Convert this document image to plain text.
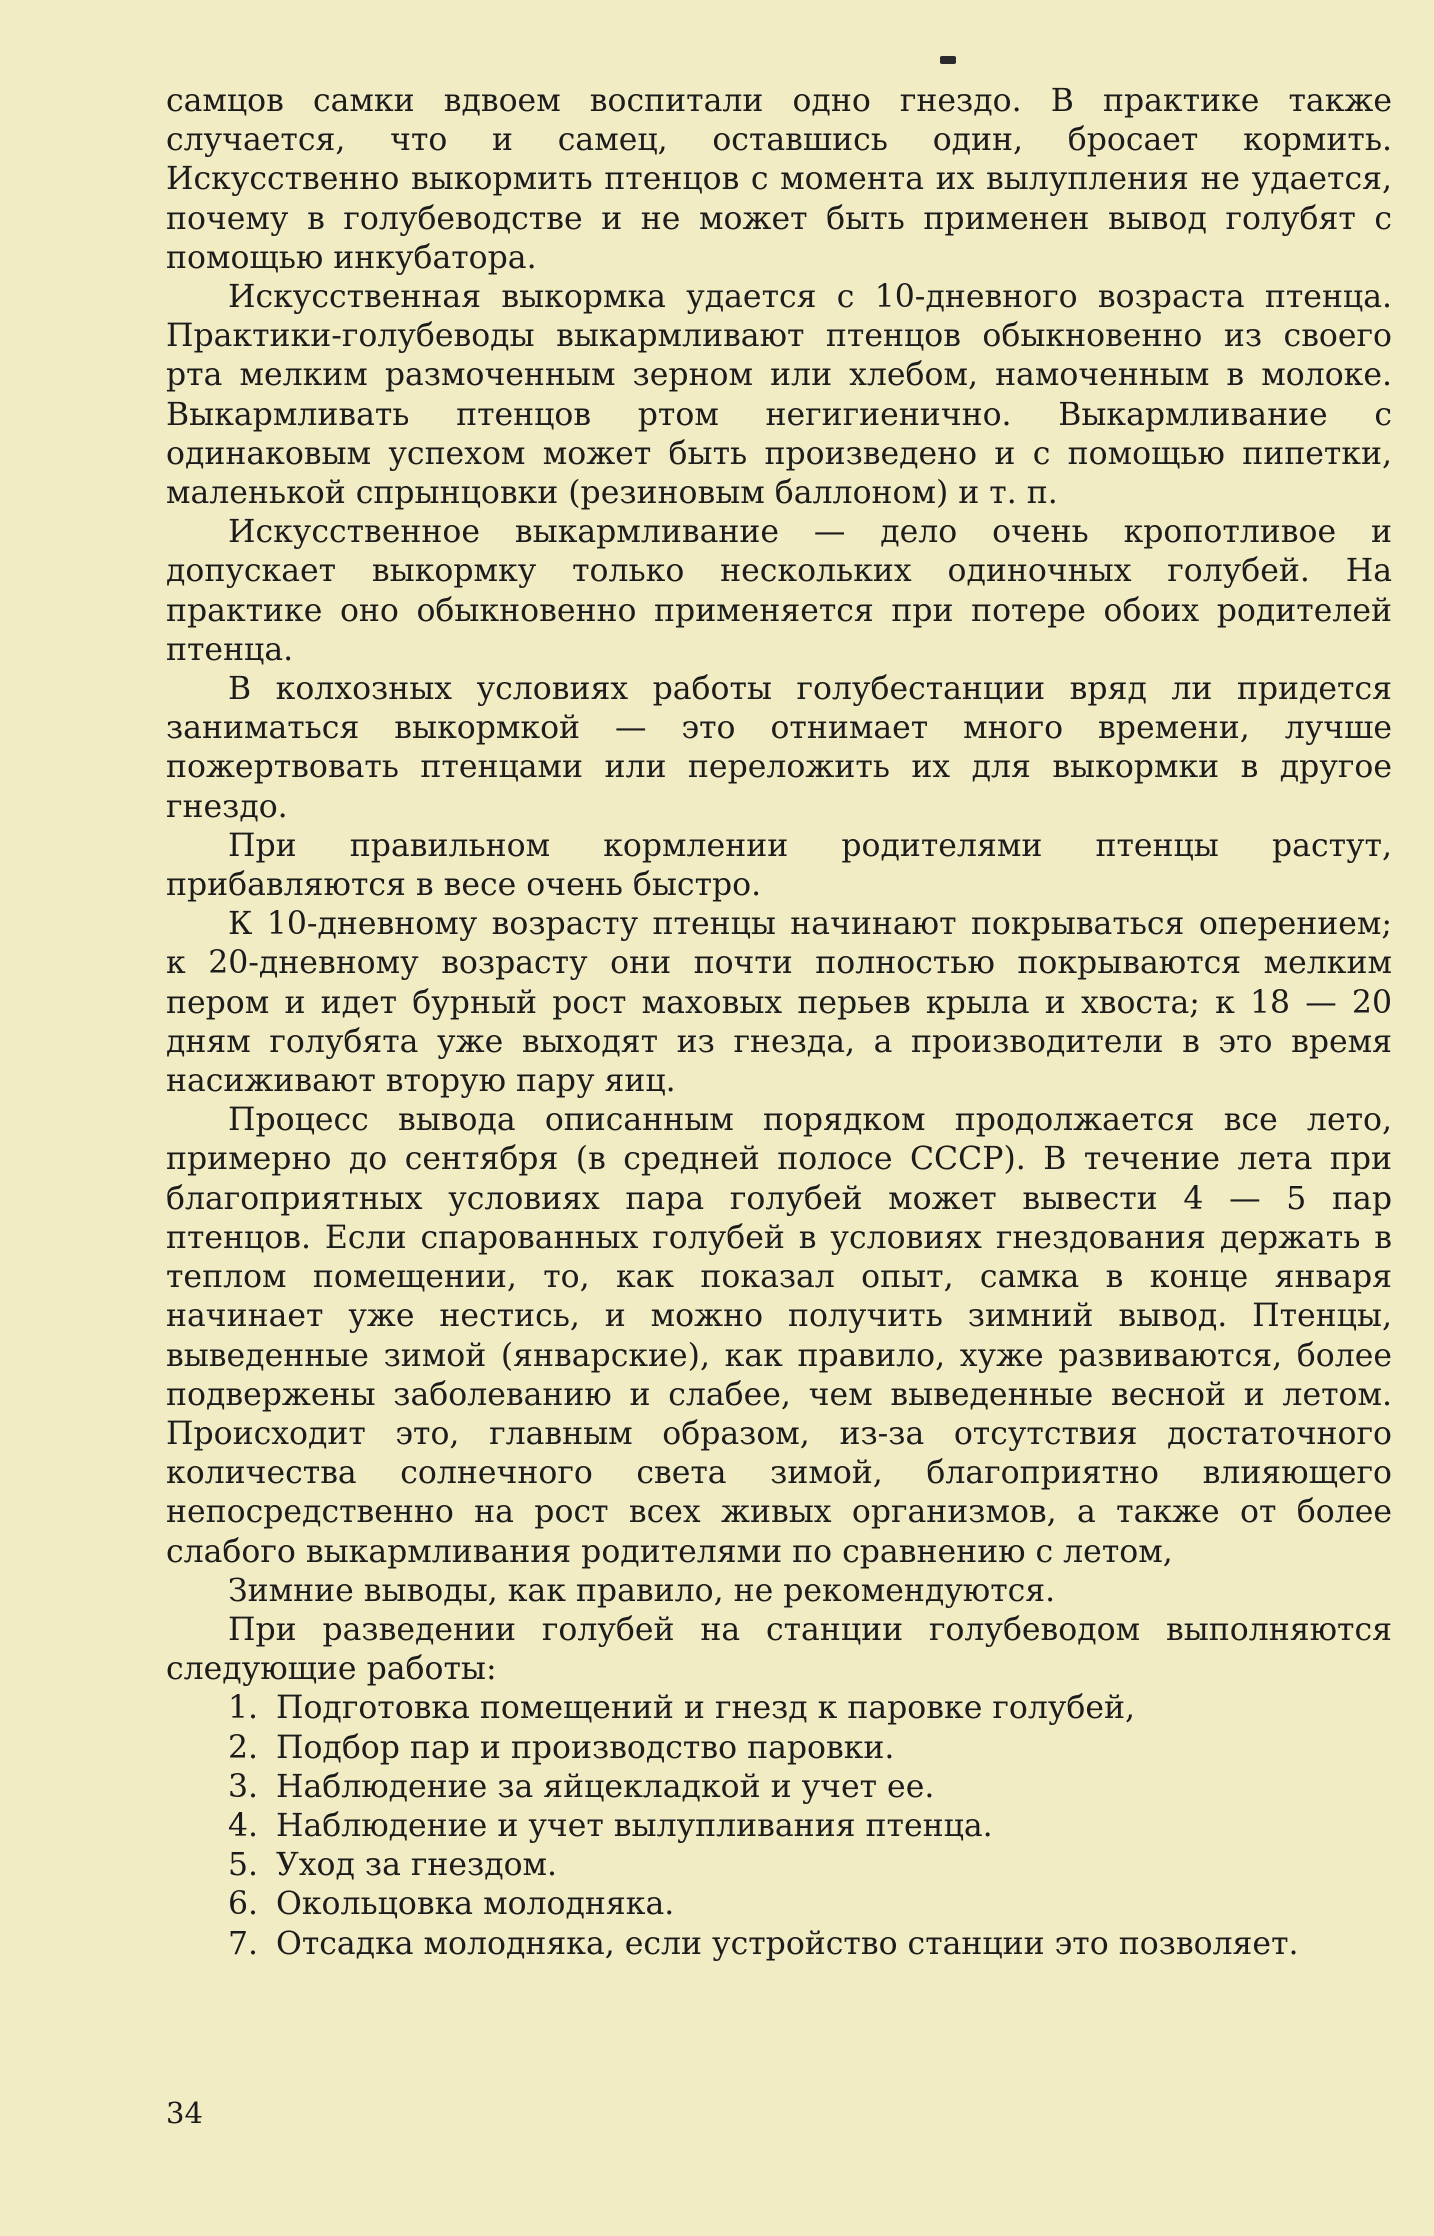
самцов самки вдвоем воспитали одно гнездо. В практике также случается, что и самец, оставшись один, бросает кормить. Искусственно выкормить птенцов с момента их вылупления не удается, почему в голубеводстве и не может быть применен вывод голубят с помощью инкубатора.

Искусственная выкормка удается с 10-дневного возраста птенца. Практики-голубеводы выкармливают птенцов обыкновенно из своего рта мелким размоченным зерном или хлебом, намоченным в молоке. Выкармливать птенцов ртом негигиенично. Выкармливание с одинаковым успехом может быть произведено и с помощью пипетки, маленькой спрынцовки (резиновым баллоном) и т. п.

Искусственное выкармливание — дело очень кропотливое и допускает выкормку только нескольких одиночных голубей. На практике оно обыкновенно применяется при потере обоих родителей птенца.

В колхозных условиях работы голубестанции вряд ли придется заниматься выкормкой — это отнимает много времени, лучше пожертвовать птенцами или переложить их для выкормки в другое гнездо.

При правильном кормлении родителями птенцы растут, прибавляются в весе очень быстро.

К 10-дневному возрасту птенцы начинают покрываться оперением; к 20-дневному возрасту они почти полностью покрываются мелким пером и идет бурный рост маховых перьев крыла и хвоста; к 18 — 20 дням голубята уже выходят из гнезда, а производители в это время насиживают вторую пару яиц.

Процесс вывода описанным порядком продолжается все лето, примерно до сентября (в средней полосе СССР). В течение лета при благоприятных условиях пара голубей может вывести 4 — 5 пар птенцов. Если спарованных голубей в условиях гнездования держать в теплом помещении, то, как показал опыт, самка в конце января начинает уже нестись, и можно получить зимний вывод. Птенцы, выведенные зимой (январские), как правило, хуже развиваются, более подвержены заболеванию и слабее, чем выведенные весной и летом. Происходит это, главным образом, из-за отсутствия достаточного количества солнечного света зимой, благоприятно влияющего непосредственно на рост всех живых организмов, а также от более слабого выкармливания родителями по сравнению с летом,

Зимние выводы, как правило, не рекомендуются.

При разведении голубей на станции голубеводом выполняются следующие работы:

1. Подготовка помещений и гнезд к паровке голубей,
2. Подбор пар и производство паровки.
3. Наблюдение за яйцекладкой и учет ее.
4. Наблюдение и учет вылупливания птенца.
5. Уход за гнездом.
6. Окольцовка молодняка.
7. Отсадка молодняка, если устройство станции это позволяет.
34
